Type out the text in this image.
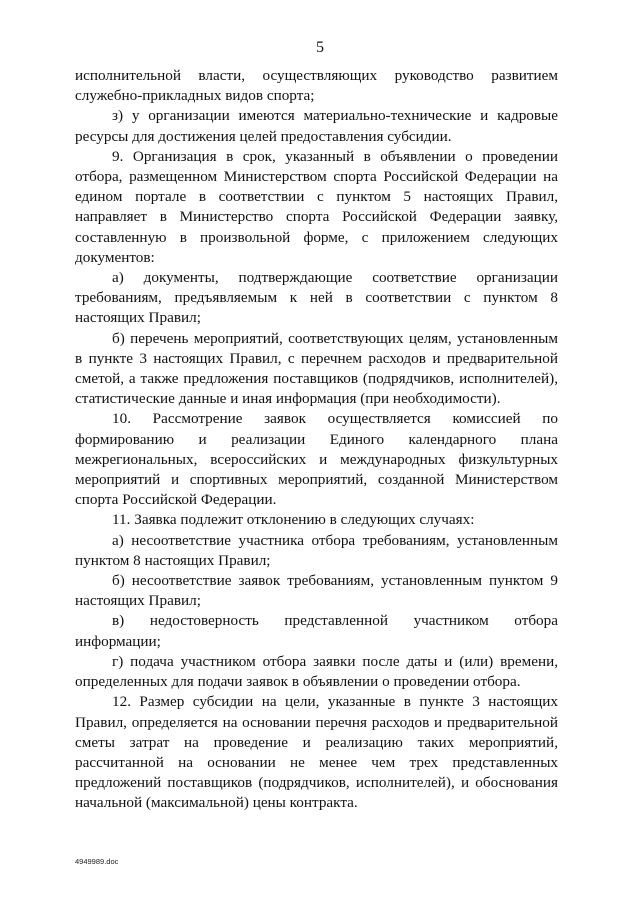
5

исполнительной власти, осуществляющих руководство развитием служебно-прикладных видов спорта;

з) у организации имеются материально-технические и кадровые ресурсы для достижения целей предоставления субсидии.

9. Организация в срок, указанный в объявлении о проведении отбора, размещенном Министерством спорта Российской Федерации на едином портале в соответствии с пунктом 5 настоящих Правил, направляет в Министерство спорта Российской Федерации заявку, составленную в произвольной форме, с приложением следующих документов:

а) документы, подтверждающие соответствие организации требованиям, предъявляемым к ней в соответствии с пунктом 8 настоящих Правил;

б) перечень мероприятий, соответствующих целям, установленным в пункте 3 настоящих Правил, с перечнем расходов и предварительной сметой, а также предложения поставщиков (подрядчиков, исполнителей), статистические данные и иная информация (при необходимости).

10. Рассмотрение заявок осуществляется комиссией по формированию и реализации Единого календарного плана межрегиональных, всероссийских и международных физкультурных мероприятий и спортивных мероприятий, созданной Министерством спорта Российской Федерации.

11. Заявка подлежит отклонению в следующих случаях:

а) несоответствие участника отбора требованиям, установленным пунктом 8 настоящих Правил;

б) несоответствие заявок требованиям, установленным пунктом 9 настоящих Правил;

в) недостоверность представленной участником отбора информации;

г) подача участником отбора заявки после даты и (или) времени, определенных для подачи заявок в объявлении о проведении отбора.

12. Размер субсидии на цели, указанные в пункте 3 настоящих Правил, определяется на основании перечня расходов и предварительной сметы затрат на проведение и реализацию таких мероприятий, рассчитанной на основании не менее чем трех представленных предложений поставщиков (подрядчиков, исполнителей), и обоснования начальной (максимальной) цены контракта.

4949989.doc
